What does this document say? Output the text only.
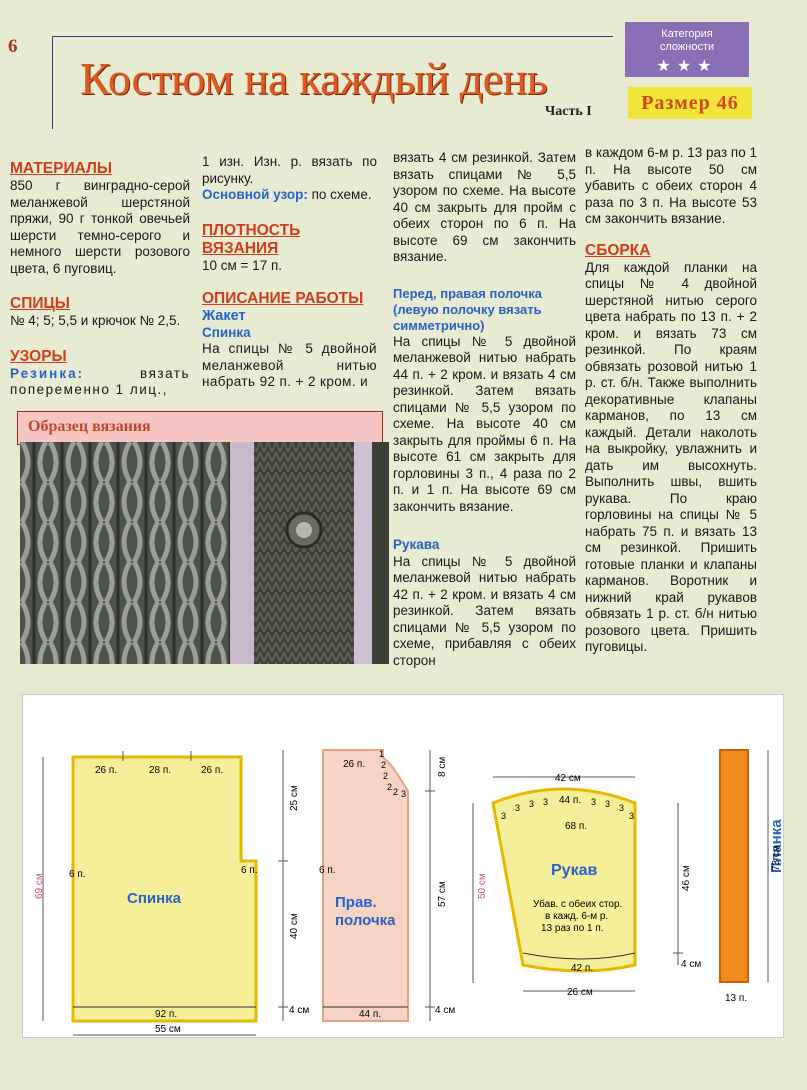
6
Костюм на каждый день
Часть I
Категория
сложности
★★★
Размер 46
МАТЕРИАЛЫ

850 г винградно-серой меланжевой шерстяной пряжи, 90 г тонкой овечьей шерсти темно-серого и немного шерсти розового цвета, 6 пуговиц.

СПИЦЫ

№ 4; 5; 5,5 и крючок № 2,5.

УЗОРЫ

Резинка: вязать попеременно 1 лиц.,

1 изн. Изн. р. вязать по рисунку.

Основной узор: по схеме.

ПЛОТНОСТЬ ВЯЗАНИЯ

10 см = 17 п.

ОПИСАНИЕ РАБОТЫ
Жакет
Спинка

На спицы № 5 двойной меланжевой нитью набрать 92 п. + 2 кром. и

вязать 4 см резинкой. Затем вязать спицами № 5,5 узором по схеме. На высоте 40 см закрыть для пройм с обеих сторон по 6 п. На высоте 69 см закончить вязание.

Перед, правая полочка (левую полочку вязать симметрично)

На спицы № 5 двойной меланжевой нитью набрать 44 п. + 2 кром. и вязать 4 см резинкой. Затем вязать спицами № 5,5 узором по схеме. На высоте 40 см закрыть для проймы 6 п. На высоте 61 см закрыть для горловины 3 п., 4 раза по 2 п. и 1 п. На высоте 69 см закончить вязание.

Рукава

На спицы № 5 двойной меланжевой нитью набрать 42 п. + 2 кром. и вязать 4 см резинкой. Затем вязать спицами № 5,5 узором по схеме, прибавляя с обеих сторон

в каждом 6-м р. 13 раз по 1 п. На высоте 50 см убавить с обеих сторон 4 раза по 3 п. На высоте 53 см закончить вязание.

СБОРКА

Для каждой планки на спицы № 4 двойной шерстяной нитью серого цвета набрать по 13 п. + 2 кром. и вязать 73 см резинкой. По краям обвязать розовой нитью 1 р. ст. б/н. Также выполнить декоративные клапаны карманов, по 13 см каждый. Детали наколоть на выкройку, увлажнить и дать им высохнуть. Выполнить швы, вшить рукава. По краю горловины на спицы № 5 набрать 75 п. и вязать 13 см резинкой. Пришить готовые планки и клапаны карманов. Воротник и нижний край рукавов обвязать 1 р. ст. б/н нитью розового цвета. Пришить пуговицы.

Образец вязания
26 п.	28 п.	26 п.
6 п.	6 п.
Спинка
92 п.
55 см
69 см
25 см
40 см
4 см
26 п.
1
2
2
2 2 3
6 п.
Прав.
полочка
44 п.
8 см
57 см
4 см
42 см
44 п.
3
3 3 3	3 3 3
3
68 п.
Рукав
Убав. с обеих стор.
в кажд. 6-м р.
13 раз по 1 п.
42 п.
26 см
50 см	46 см
4 см
Планка
73 см
13 п.
